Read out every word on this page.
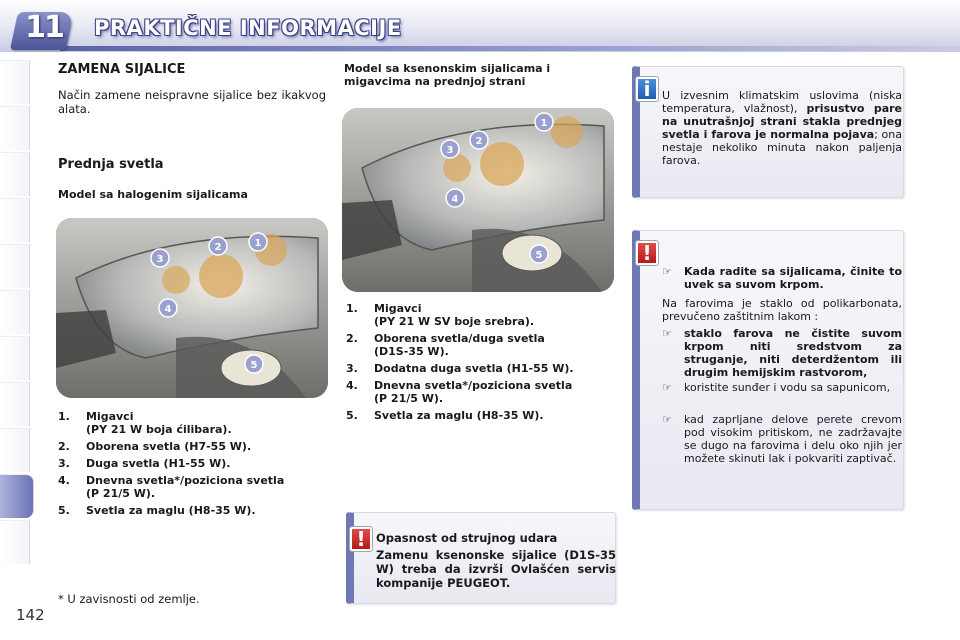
11	PRAKTIČNE INFORMACIJE
142
ZAMENA SIJALICE
Način zamene neispravne sijalice bez ikakvog alata.
Prednja svetla
Model sa halogenim sijalicama
1
2
3
4
5
1.	Migavci
(PY 21 W boja ćilibara).
2.	Oborena svetla (H7-55 W).
3.	Duga svetla (H1-55 W).
4.	Dnevna svetla*/poziciona svetla
(P 21/5 W).
5.	Svetla za maglu (H8-35 W).
* U zavisnosti od zemlje.
Model sa ksenonskim sijalicama i migavcima na prednjoj strani
1
2
3
4
5
1.	Migavci
(PY 21 W SV boje srebra).
2.	Oborena svetla/duga svetla
(D1S-35 W).
3.	Dodatna duga svetla (H1-55 W).
4.	Dnevna svetla*/poziciona svetla
(P 21/5 W).
5.	Svetla za maglu (H8-35 W).
! Opasnost od strujnog udara
Zamenu ksenonske sijalice (D1S-35 W) treba da izvrši Ovlašćen servis kompanije PEUGEOT.
i	U izvesnim klimatskim uslovima (niska temperatura, vlažnost), prisustvo pare na unutrašnjoj strani stakla prednjeg svetla i farova je normalna pojava; ona nestaje nekoliko minuta nakon paljenja farova.
!
☞	Kada radite sa sijalicama, činite to uvek sa suvom krpom.
Na farovima je staklo od polikarbonata, prevučeno zaštitnim lakom :
☞	staklo farova ne čistite suvom krpom niti sredstvom za struganje, niti deterdžentom ili drugim hemijskim rastvorom,
☞	koristite sunđer i vodu sa sapunicom,
☞	kad zaprljane delove perete crevom pod visokim pritiskom, ne zadržavajte se dugo na farovima i delu oko njih jer možete skinuti lak i pokvariti zaptivač.
